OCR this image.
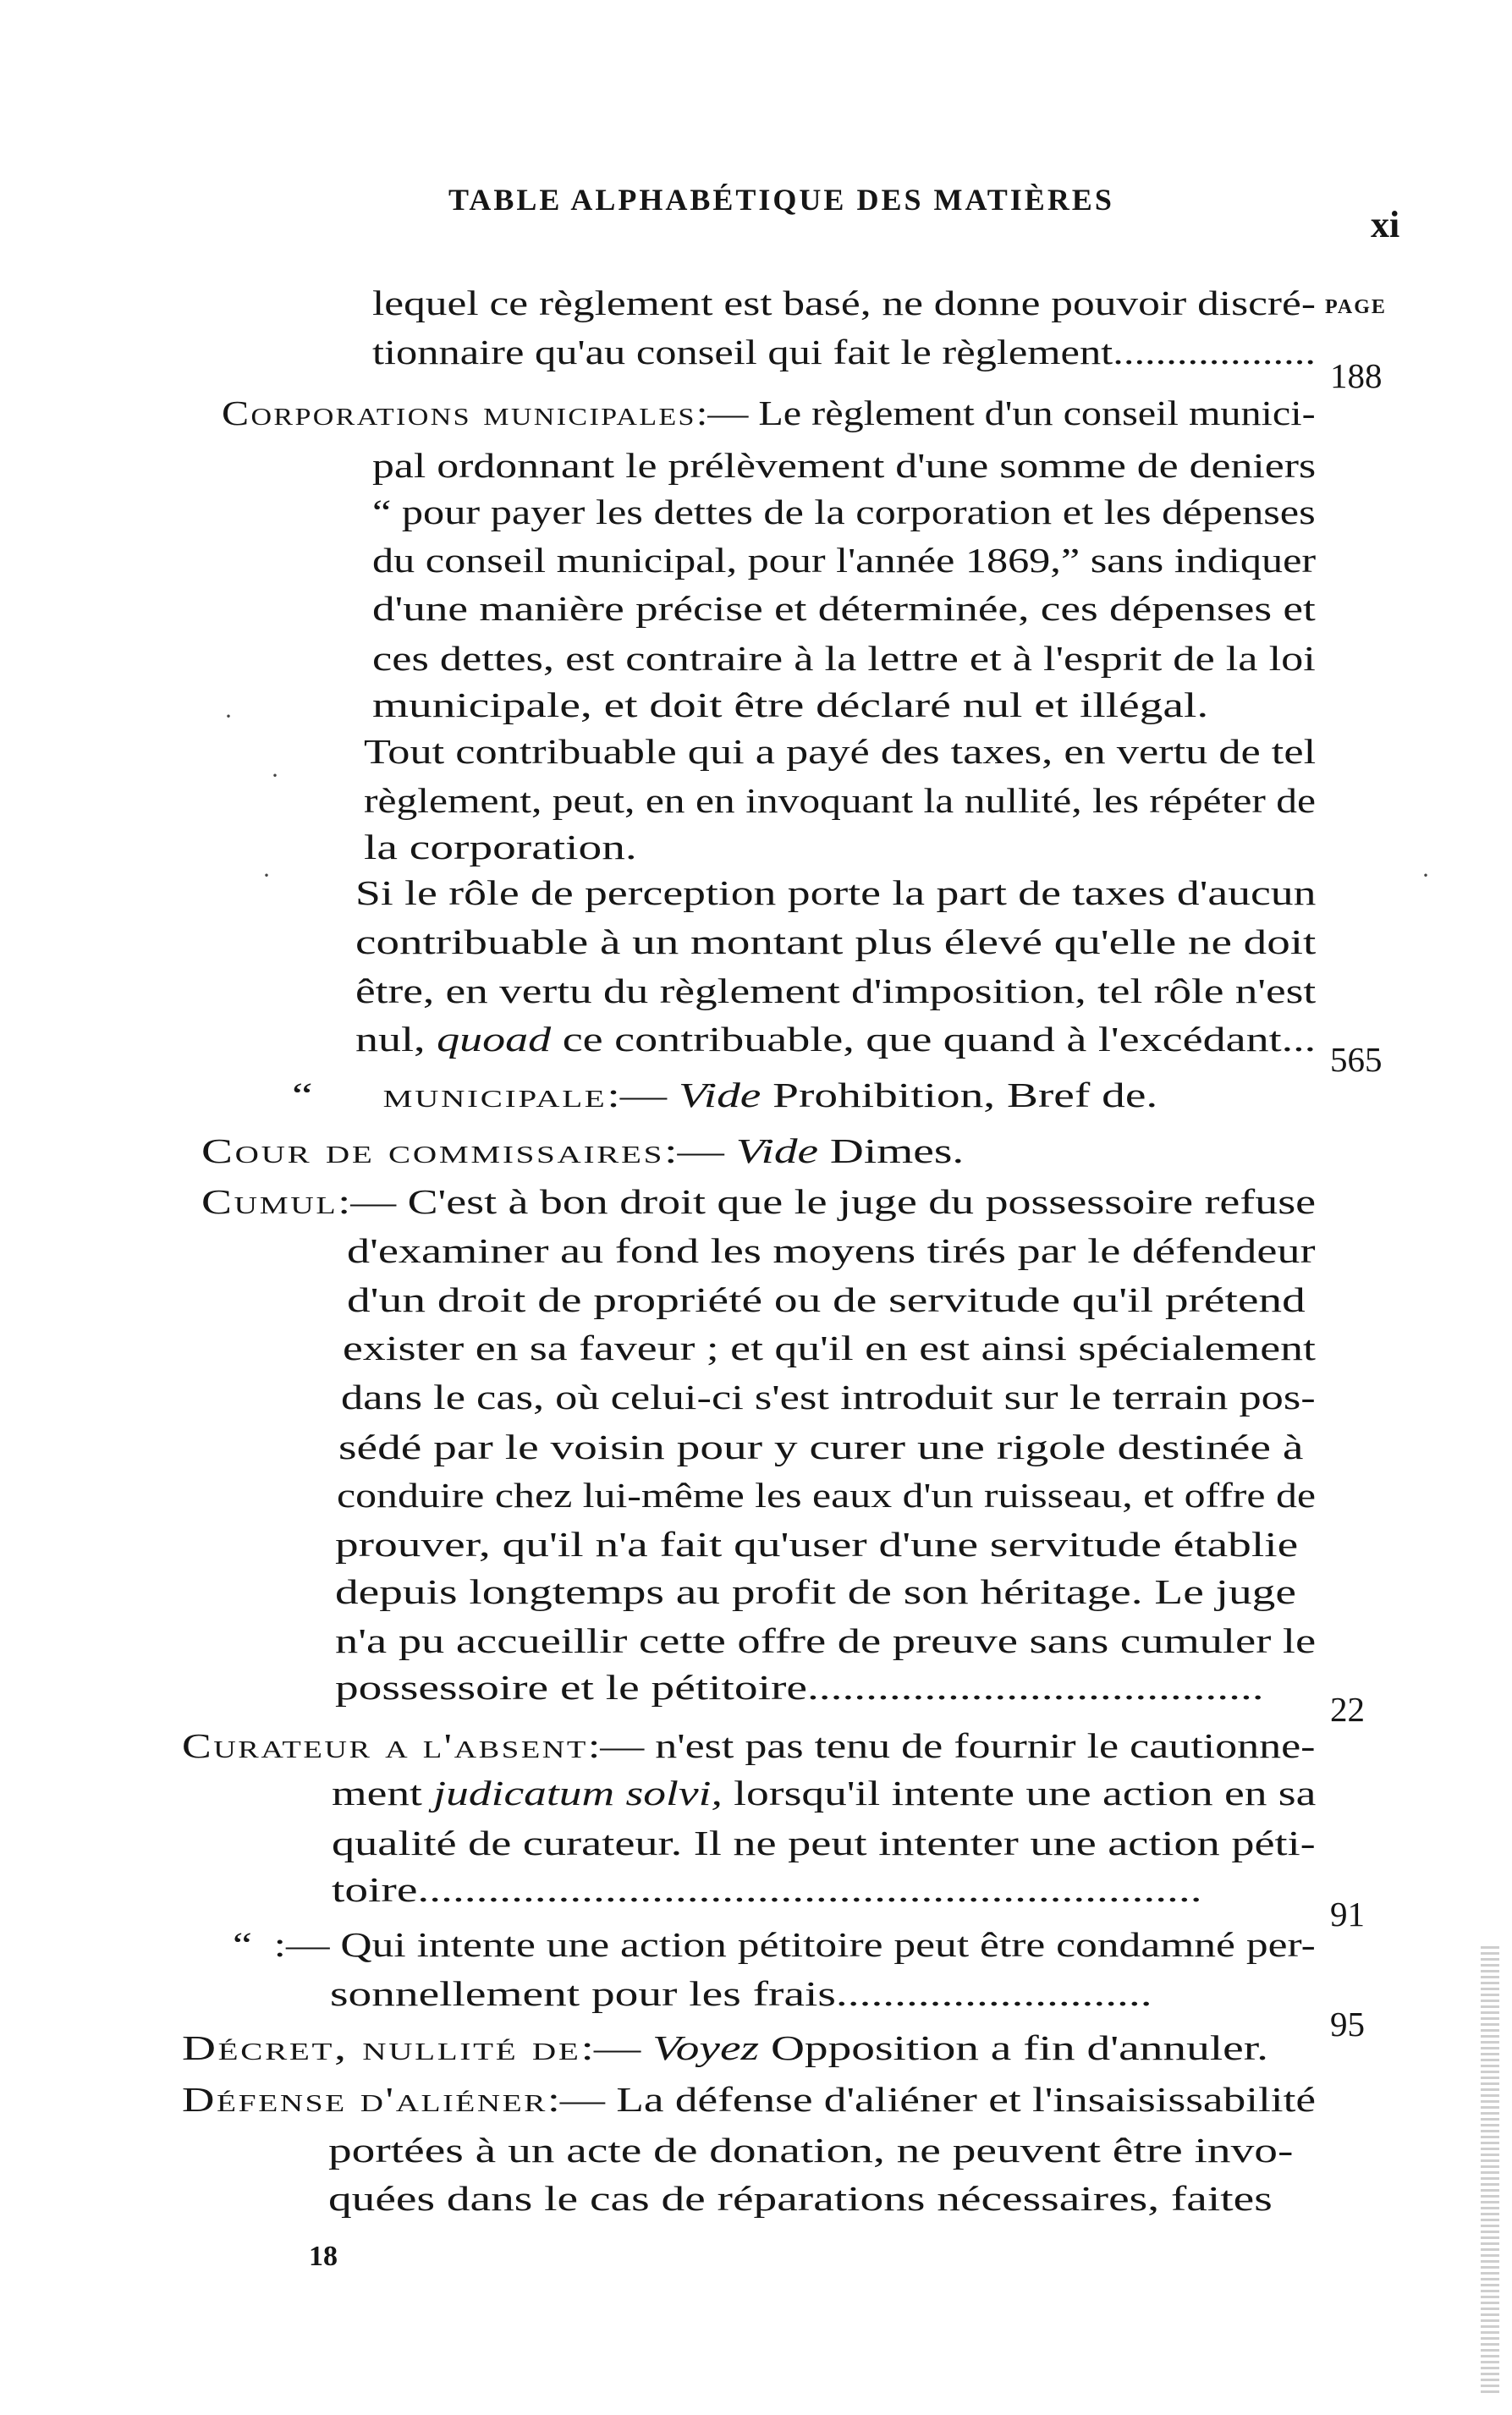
TABLE ALPHABÉTIQUE DES MATIÈRES
xi
PAGE
lequel ce règlement est basé, ne donne pouvoir discré-
tionnaire qu'au conseil qui fait le règlement...................
Corporations municipales:— Le règlement d'un conseil munici-
pal ordonnant le prélèvement d'une somme de deniers
“ pour payer les dettes de la corporation et les dépenses
du conseil municipal, pour l'année 1869,” sans indiquer
d'une manière précise et déterminée, ces dépenses et
ces dettes, est contraire à la lettre et à l'esprit de la loi
municipale, et doit être déclaré nul et illégal.
Tout contribuable qui a payé des taxes, en vertu de tel
règlement, peut, en en invoquant la nullité, les répéter de
la corporation.
Si le rôle de perception porte la part de taxes d'aucun
contribuable à un montant plus élevé qu'elle ne doit
être, en vertu du règlement d'imposition, tel rôle n'est
nul, quoad ce contribuable, que quand à l'excédant...
“ municipale:— Vide Prohibition, Bref de.
Cour de commissaires:— Vide Dimes.
Cumul:— C'est à bon droit que le juge du possessoire refuse
d'examiner au fond les moyens tirés par le défendeur
d'un droit de propriété ou de servitude qu'il prétend
exister en sa faveur ; et qu'il en est ainsi spécialement
dans le cas, où celui-ci s'est introduit sur le terrain pos-
sédé par le voisin pour y curer une rigole destinée à
conduire chez lui-même les eaux d'un ruisseau, et offre de
prouver, qu'il n'a fait qu'user d'une servitude établie
depuis longtemps au profit de son héritage. Le juge
n'a pu accueillir cette offre de preuve sans cumuler le
possessoire et le pétitoire.......................................
Curateur a l'absent:— n'est pas tenu de fournir le cautionne-
ment judicatum solvi, lorsqu'il intente une action en sa
qualité de curateur. Il ne peut intenter une action péti-
toire...................................................................
“ :— Qui intente une action pétitoire peut être condamné per-
sonnellement pour les frais...........................
Décret, nullité de:— Voyez Opposition a fin d'annuler.
Défense d'aliéner:— La défense d'aliéner et l'insaisissabilité
portées à un acte de donation, ne peuvent être invo-
quées dans le cas de réparations nécessaires, faites
188
565
22
91
95
·
·
·	·
18
